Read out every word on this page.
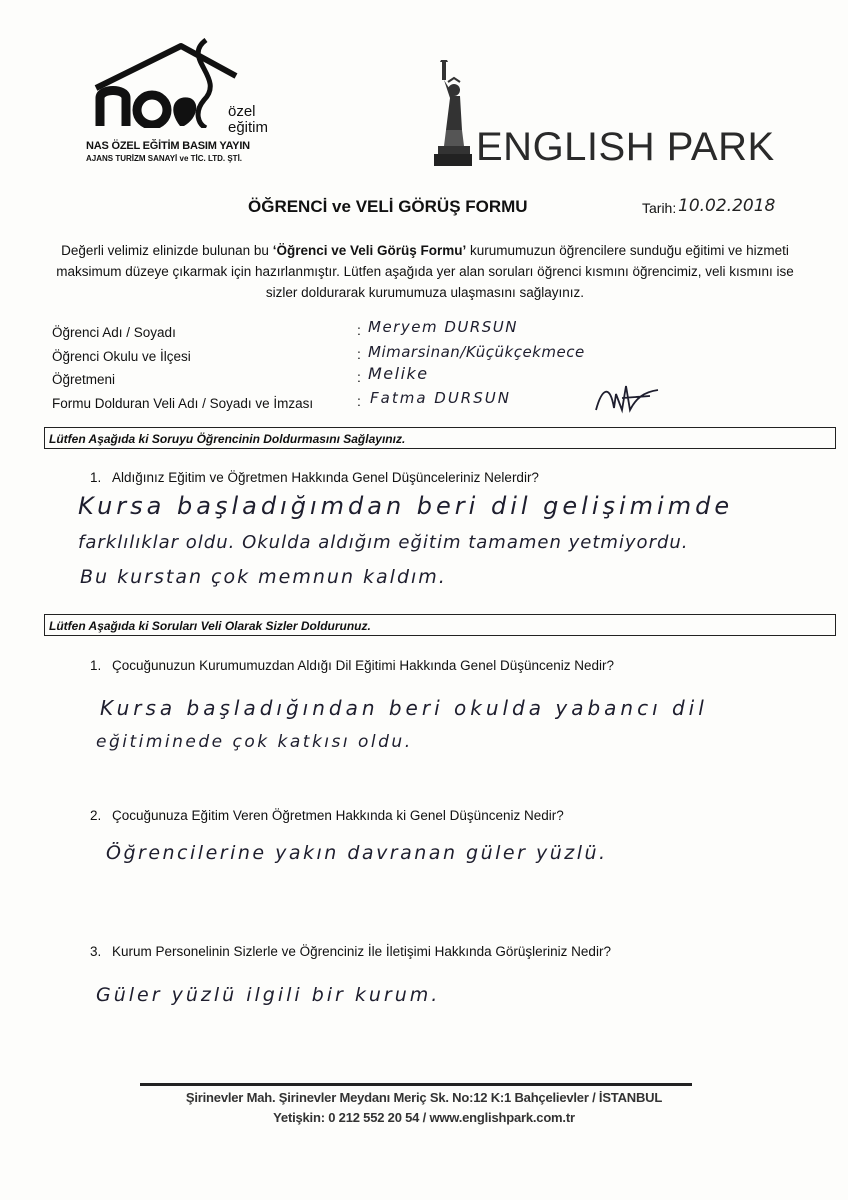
özel
eğitim
NAS ÖZEL EĞİTİM BASIM YAYIN
AJANS TURİZM SANAYİ ve TİC. LTD. ŞTİ.	ENGLISH PARK
ÖĞRENCİ ve VELİ GÖRÜŞ FORMU	Tarih: 10.02.2018
Değerli velimiz elinizde bulunan bu ‘Öğrenci ve Veli Görüş Formu’ kurumumuzun öğrencilere sunduğu eğitimi ve hizmeti maksimum düzeye çıkarmak için hazırlanmıştır. Lütfen aşağıda yer alan soruları öğrenci kısmını öğrencimiz, veli kısmını ise sizler doldurarak kurumumuza ulaşmasını sağlayınız.
Öğrenci Adı / Soyadı	: Meryem DURSUN
Öğrenci Okulu ve İlçesi	: Mimarsinan/Küçükçekmece
Öğretmeni	: Melike
Formu Dolduran Veli Adı / Soyadı ve İmzası	: Fatma DURSUN
Lütfen Aşağıda ki Soruyu Öğrencinin Doldurmasını Sağlayınız.
1. Aldığınız Eğitim ve Öğretmen Hakkında Genel Düşünceleriniz Nelerdir?
Kursa başladığımdan beri dil gelişimimde
farklılıklar oldu. Okulda aldığım eğitim tamamen yetmiyordu.
Bu kurstan çok memnun kaldım.
Lütfen Aşağıda ki Soruları Veli Olarak Sizler Doldurunuz.
1. Çocuğunuzun Kurumumuzdan Aldığı Dil Eğitimi Hakkında Genel Düşünceniz Nedir?
Kursa başladığından beri okulda yabancı dil
eğitiminede çok katkısı oldu.
2. Çocuğunuza Eğitim Veren Öğretmen Hakkında ki Genel Düşünceniz Nedir?
Öğrencilerine yakın davranan güler yüzlü.
3. Kurum Personelinin Sizlerle ve Öğrenciniz İle İletişimi Hakkında Görüşleriniz Nedir?
Güler yüzlü ilgili bir kurum.
Şirinevler Mah. Şirinevler Meydanı Meriç Sk. No:12 K:1 Bahçelievler / İSTANBUL
Yetişkin: 0 212 552 20 54 / www.englishpark.com.tr
